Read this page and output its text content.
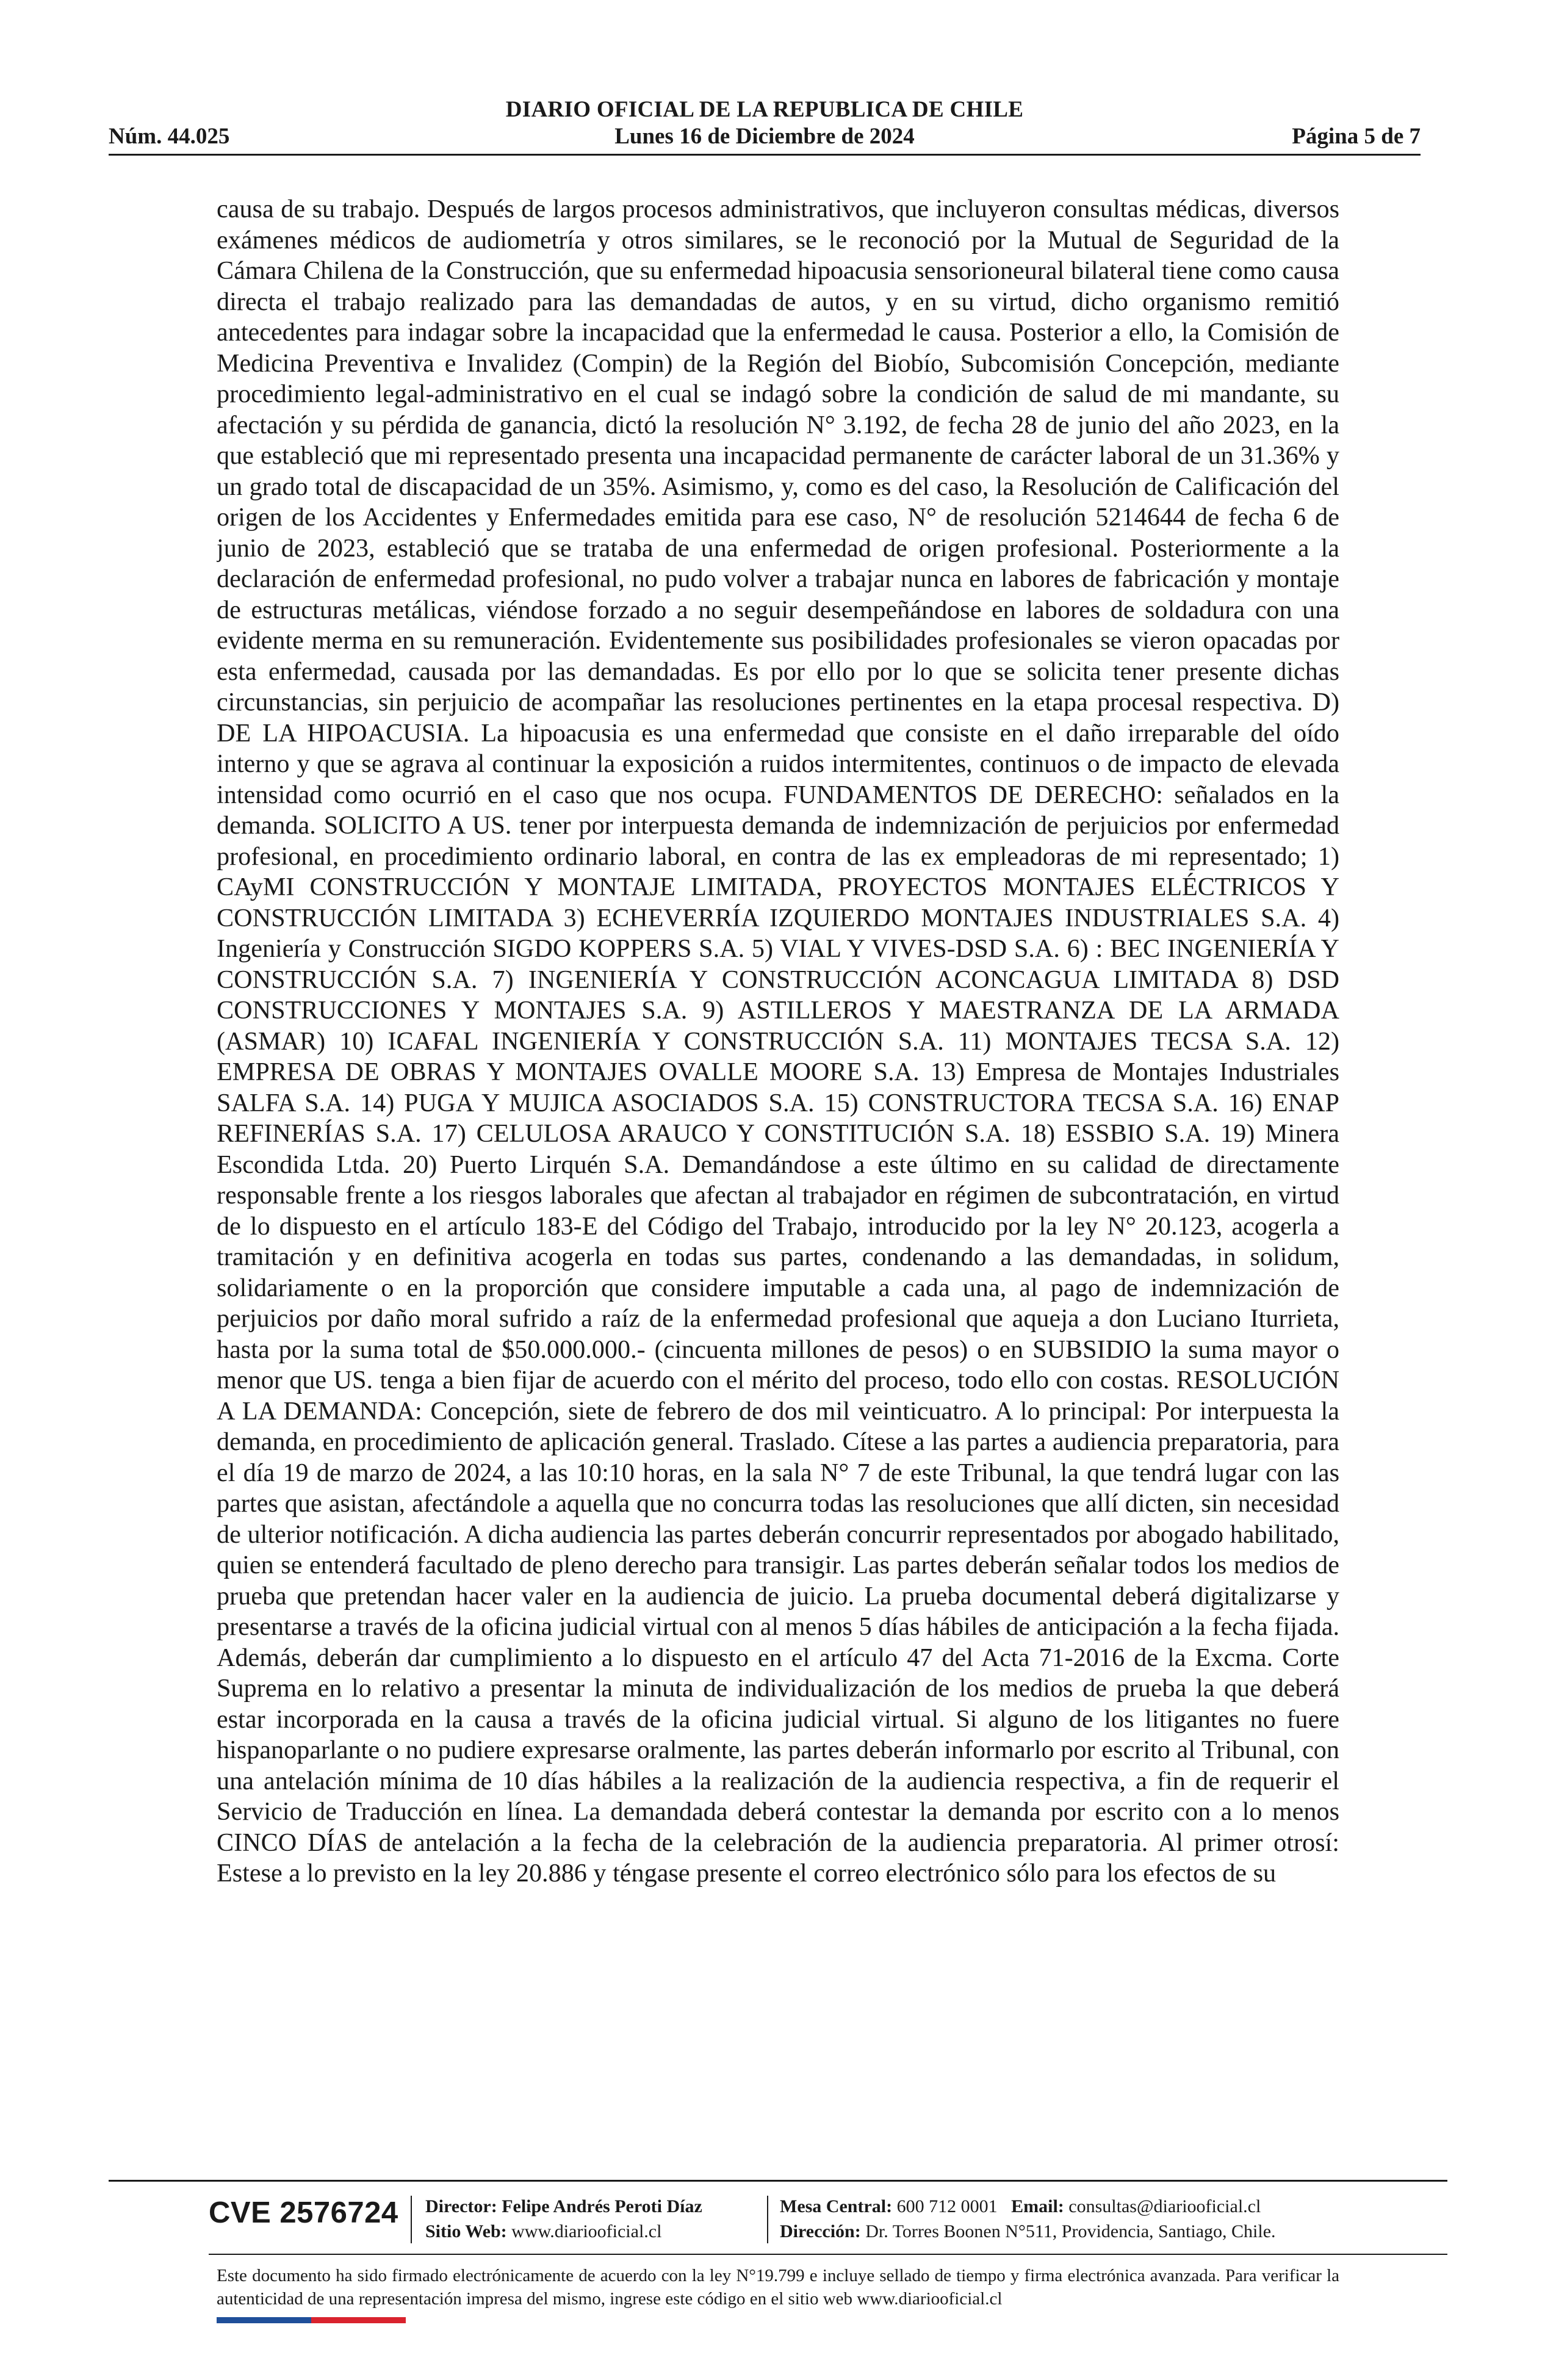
DIARIO OFICIAL DE LA REPUBLICA DE CHILE
Núm. 44.025	Lunes 16 de Diciembre de 2024	Página 5 de 7
causa de su trabajo. Después de largos procesos administrativos, que incluyeron consultas médicas, diversos exámenes médicos de audiometría y otros similares, se le reconoció por la Mutual de Seguridad de la Cámara Chilena de la Construcción, que su enfermedad hipoacusia sensorioneural bilateral tiene como causa directa el trabajo realizado para las demandadas de autos, y en su virtud, dicho organismo remitió antecedentes para indagar sobre la incapacidad que la enfermedad le causa. Posterior a ello, la Comisión de Medicina Preventiva e Invalidez (Compin) de la Región del Biobío, Subcomisión Concepción, mediante procedimiento legal-administrativo en el cual se indagó sobre la condición de salud de mi mandante, su afectación y su pérdida de ganancia, dictó la resolución N° 3.192, de fecha 28 de junio del año 2023, en la que estableció que mi representado presenta una incapacidad permanente de carácter laboral de un 31.36% y un grado total de discapacidad de un 35%. Asimismo, y, como es del caso, la Resolución de Calificación del origen de los Accidentes y Enfermedades emitida para ese caso, N° de resolución 5214644 de fecha 6 de junio de 2023, estableció que se trataba de una enfermedad de origen profesional. Posteriormente a la declaración de enfermedad profesional, no pudo volver a trabajar nunca en labores de fabricación y montaje de estructuras metálicas, viéndose forzado a no seguir desempeñándose en labores de soldadura con una evidente merma en su remuneración. Evidentemente sus posibilidades profesionales se vieron opacadas por esta enfermedad, causada por las demandadas. Es por ello por lo que se solicita tener presente dichas circunstancias, sin perjuicio de acompañar las resoluciones pertinentes en la etapa procesal respectiva. D) DE LA HIPOACUSIA. La hipoacusia es una enfermedad que consiste en el daño irreparable del oído interno y que se agrava al continuar la exposición a ruidos intermitentes, continuos o de impacto de elevada intensidad como ocurrió en el caso que nos ocupa. FUNDAMENTOS DE DERECHO: señalados en la demanda. SOLICITO A US. tener por interpuesta demanda de indemnización de perjuicios por enfermedad profesional, en procedimiento ordinario laboral, en contra de las ex empleadoras de mi representado; 1) CAyMI CONSTRUCCIÓN Y MONTAJE LIMITADA, PROYECTOS MONTAJES ELÉCTRICOS Y CONSTRUCCIÓN LIMITADA 3) ECHEVERRÍA IZQUIERDO MONTAJES INDUSTRIALES S.A. 4) Ingeniería y Construcción SIGDO KOPPERS S.A. 5) VIAL Y VIVES-DSD S.A. 6) : BEC INGENIERÍA Y CONSTRUCCIÓN S.A. 7) INGENIERÍA Y CONSTRUCCIÓN ACONCAGUA LIMITADA 8) DSD CONSTRUCCIONES Y MONTAJES S.A. 9) ASTILLEROS Y MAESTRANZA DE LA ARMADA (ASMAR) 10) ICAFAL INGENIERÍA Y CONSTRUCCIÓN S.A. 11) MONTAJES TECSA S.A. 12) EMPRESA DE OBRAS Y MONTAJES OVALLE MOORE S.A. 13) Empresa de Montajes Industriales SALFA S.A. 14) PUGA Y MUJICA ASOCIADOS S.A. 15) CONSTRUCTORA TECSA S.A. 16) ENAP REFINERÍAS S.A. 17) CELULOSA ARAUCO Y CONSTITUCIÓN S.A. 18) ESSBIO S.A. 19) Minera Escondida Ltda. 20) Puerto Lirquén S.A. Demandándose a este último en su calidad de directamente responsable frente a los riesgos laborales que afectan al trabajador en régimen de subcontratación, en virtud de lo dispuesto en el artículo 183-E del Código del Trabajo, introducido por la ley N° 20.123, acogerla a tramitación y en definitiva acogerla en todas sus partes, condenando a las demandadas, in solidum, solidariamente o en la proporción que considere imputable a cada una, al pago de indemnización de perjuicios por daño moral sufrido a raíz de la enfermedad profesional que aqueja a don Luciano Iturrieta, hasta por la suma total de $50.000.000.- (cincuenta millones de pesos) o en SUBSIDIO la suma mayor o menor que US. tenga a bien fijar de acuerdo con el mérito del proceso, todo ello con costas. RESOLUCIÓN A LA DEMANDA: Concepción, siete de febrero de dos mil veinticuatro. A lo principal: Por interpuesta la demanda, en procedimiento de aplicación general. Traslado. Cítese a las partes a audiencia preparatoria, para el día 19 de marzo de 2024, a las 10:10 horas, en la sala N° 7 de este Tribunal, la que tendrá lugar con las partes que asistan, afectándole a aquella que no concurra todas las resoluciones que allí dicten, sin necesidad de ulterior notificación. A dicha audiencia las partes deberán concurrir representados por abogado habilitado, quien se entenderá facultado de pleno derecho para transigir. Las partes deberán señalar todos los medios de prueba que pretendan hacer valer en la audiencia de juicio. La prueba documental deberá digitalizarse y presentarse a través de la oficina judicial virtual con al menos 5 días hábiles de anticipación a la fecha fijada. Además, deberán dar cumplimiento a lo dispuesto en el artículo 47 del Acta 71-2016 de la Excma. Corte Suprema en lo relativo a presentar la minuta de individualización de los medios de prueba la que deberá estar incorporada en la causa a través de la oficina judicial virtual. Si alguno de los litigantes no fuere hispanoparlante o no pudiere expresarse oralmente, las partes deberán informarlo por escrito al Tribunal, con una antelación mínima de 10 días hábiles a la realización de la audiencia respectiva, a fin de requerir el Servicio de Traducción en línea. La demandada deberá contestar la demanda por escrito con a lo menos CINCO DÍAS de antelación a la fecha de la celebración de la audiencia preparatoria. Al primer otrosí: Estese a lo previsto en la ley 20.886 y téngase presente el correo electrónico sólo para los efectos de su
CVE 2576724 Director: Felipe Andrés Peroti Díaz
Sitio Web: www.diariooficial.cl
Mesa Central: 600 712 0001 Email: consultas@diariooficial.cl
Dirección: Dr. Torres Boonen N°511, Providencia, Santiago, Chile.
Este documento ha sido firmado electrónicamente de acuerdo con la ley N°19.799 e incluye sellado de tiempo y firma electrónica avanzada. Para verificar la autenticidad de una representación impresa del mismo, ingrese este código en el sitio web www.diariooficial.cl
